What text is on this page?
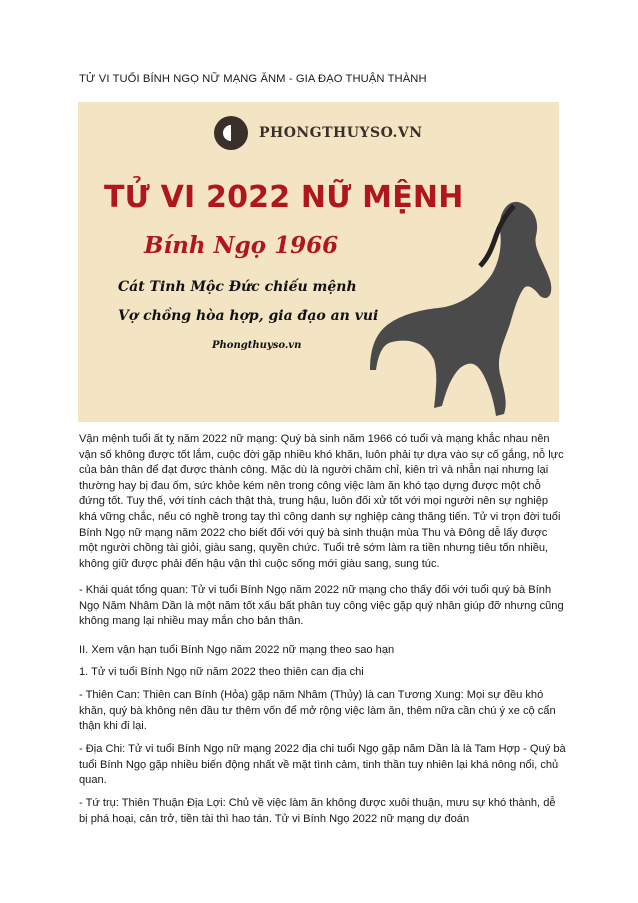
TỬ VI TUỔI BÍNH NGỌ NỮ MẠNG ĂNM - GIA ĐẠO THUẬN THÀNH
PHONGTHUYSO.VN
TỬ VI 2022 NỮ MỆNH
Bính Ngọ 1966
Cát Tinh Mộc Đức chiếu mệnh
Vợ chồng hòa hợp, gia đạo an vui
Phongthuyso.vn

Vận mệnh tuổi ất tỵ năm 2022 nữ mạng: Quý bà sinh năm 1966 có tuổi và mạng khắc nhau nên vận số không được tốt lắm, cuộc đời gặp nhiều khó khăn, luôn phải tự dựa vào sự cố gắng, nỗ lực của bản thân để đạt được thành công. Mặc dù là người chăm chỉ, kiên trì và nhẫn nại nhưng lại thường hay bị đau ốm, sức khỏe kém nên trong công việc làm ăn khó tạo dựng được một chỗ đứng tốt. Tuy thế, với tính cách thật thà, trung hậu, luôn đối xử tốt với mọi người nên sự nghiệp khá vững chắc, nếu có nghề trong tay thì công danh sự nghiệp càng thăng tiến. Tử vi trọn đời tuổi Bính Ngọ nữ mạng năm 2022 cho biết đối với quý bà sinh thuận mùa Thu và Đông dễ lấy được một người chồng tài giỏi, giàu sang, quyền chức. Tuổi trẻ sớm làm ra tiền nhưng tiêu tốn nhiều, không giữ được phải đến hậu vận thì cuộc sống mới giàu sang, sung túc.

- Khái quát tổng quan: Tử vi tuổi Bính Ngọ năm 2022 nữ mạng cho thấy đối với tuổi quý bà Bính Ngọ Năm Nhâm Dần là một năm tốt xấu bất phân tuy công việc gặp quý nhân giúp đỡ nhưng cũng không mang lại nhiều may mắn cho bản thân.

II. Xem vận hạn tuổi Bính Ngọ năm 2022 nữ mạng theo sao hạn

1. Tử vi tuổi Bính Ngọ nữ năm 2022 theo thiên can địa chi

- Thiên Can: Thiên can Bính (Hỏa) gặp năm Nhâm (Thủy) là can Tương Xung: Mọi sự đều khó khăn, quý bà không nên đầu tư thêm vốn để mở rộng việc làm ăn, thêm nữa cần chú ý xe cộ cẩn thận khi đi lại.

- Địa Chi: Tử vi tuổi Bính Ngọ nữ mạng 2022 địa chi tuổi Ngọ gặp năm Dần là là Tam Hợp - Quý bà tuổi Bính Ngọ gặp nhiều biến động nhất về mặt tình cảm, tinh thần tuy nhiên lại khá nông nổi, chủ quan.

- Tứ trụ: Thiên Thuận Địa Lợi: Chủ về việc làm ăn không được xuôi thuận, mưu sự khó thành, dễ bị phá hoại, cản trở, tiền tài thì hao tán. Tử vi Bính Ngọ 2022 nữ mạng dự đoán
